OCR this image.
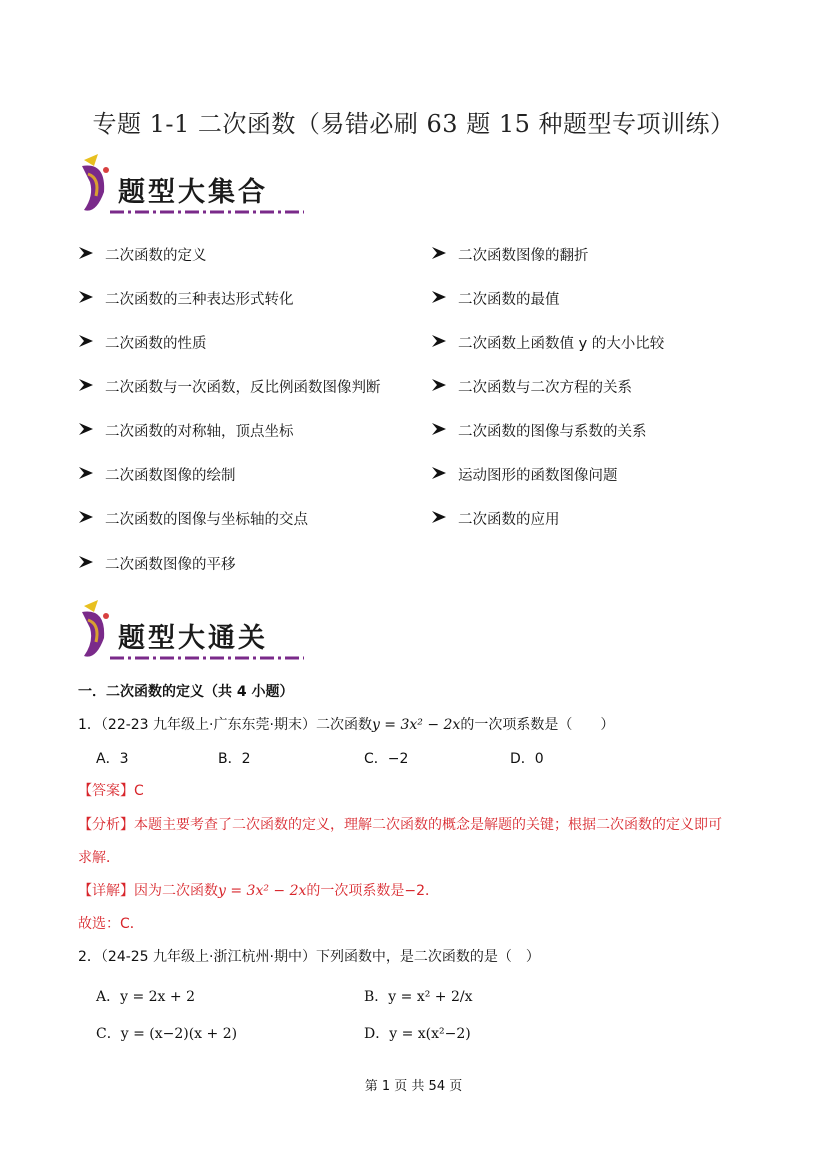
专题 1-1 二次函数（易错必刷 63 题 15 种题型专项训练）
题型大集合
二次函数的定义
二次函数的三种表达形式转化
二次函数的性质
二次函数与一次函数，反比例函数图像判断
二次函数的对称轴，顶点坐标
二次函数图像的绘制
二次函数的图像与坐标轴的交点
二次函数图像的平移
二次函数图像的翻折
二次函数的最值
二次函数上函数值 y 的大小比较
二次函数与二次方程的关系
二次函数的图像与系数的关系
运动图形的函数图像问题
二次函数的应用
题型大通关
一．二次函数的定义（共 4 小题）
1．（22-23 九年级上·广东东莞·期末）二次函数y = 3x² − 2x的一次项系数是（　　）
A．3	B．2	C．−2	D．0
【答案】C
【分析】本题主要考查了二次函数的定义，理解二次函数的概念是解题的关键；根据二次函数的定义即可
求解．
【详解】因为二次函数y = 3x² − 2x的一次项系数是−2．
故选：C．
2．（24-25 九年级上·浙江杭州·期中）下列函数中，是二次函数的是（　）
A．y = 2x + 2	B．y = x² + 2/x
C．y = (x−2)(x + 2)	D．y = x(x²−2)
第 1 页 共 54 页
